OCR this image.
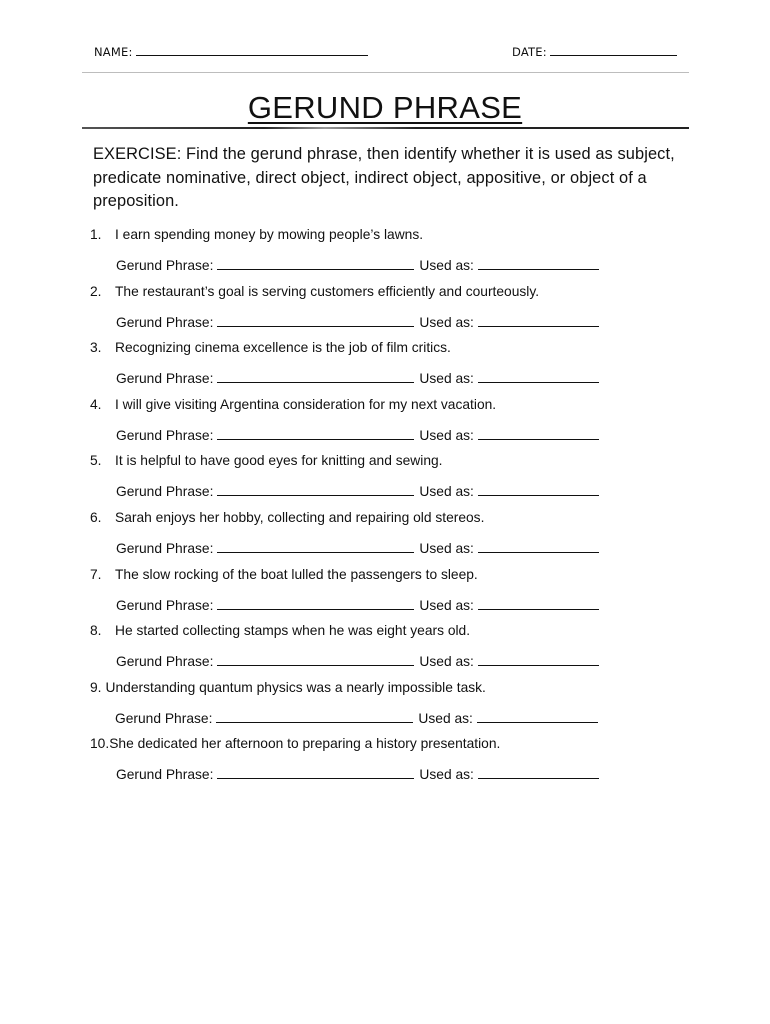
NAME:	DATE:
GERUND PHRASE
EXERCISE: Find the gerund phrase, then identify whether it is used as subject, predicate nominative, direct object, indirect object, appositive, or object of a preposition.
1. I earn spending money by mowing people’s lawns.
Gerund Phrase:	Used as:
2. The restaurant’s goal is serving customers efficiently and courteously.
Gerund Phrase:	Used as:
3. Recognizing cinema excellence is the job of film critics.
Gerund Phrase:	Used as:
4. I will give visiting Argentina consideration for my next vacation.
Gerund Phrase:	Used as:
5. It is helpful to have good eyes for knitting and sewing.
Gerund Phrase:	Used as:
6. Sarah enjoys her hobby, collecting and repairing old stereos.
Gerund Phrase:	Used as:
7. The slow rocking of the boat lulled the passengers to sleep.
Gerund Phrase:	Used as:
8. He started collecting stamps when he was eight years old.
Gerund Phrase:	Used as:
9. Understanding quantum physics was a nearly impossible task.
Gerund Phrase:	Used as:
10.She dedicated her afternoon to preparing a history presentation.
Gerund Phrase:	Used as:
